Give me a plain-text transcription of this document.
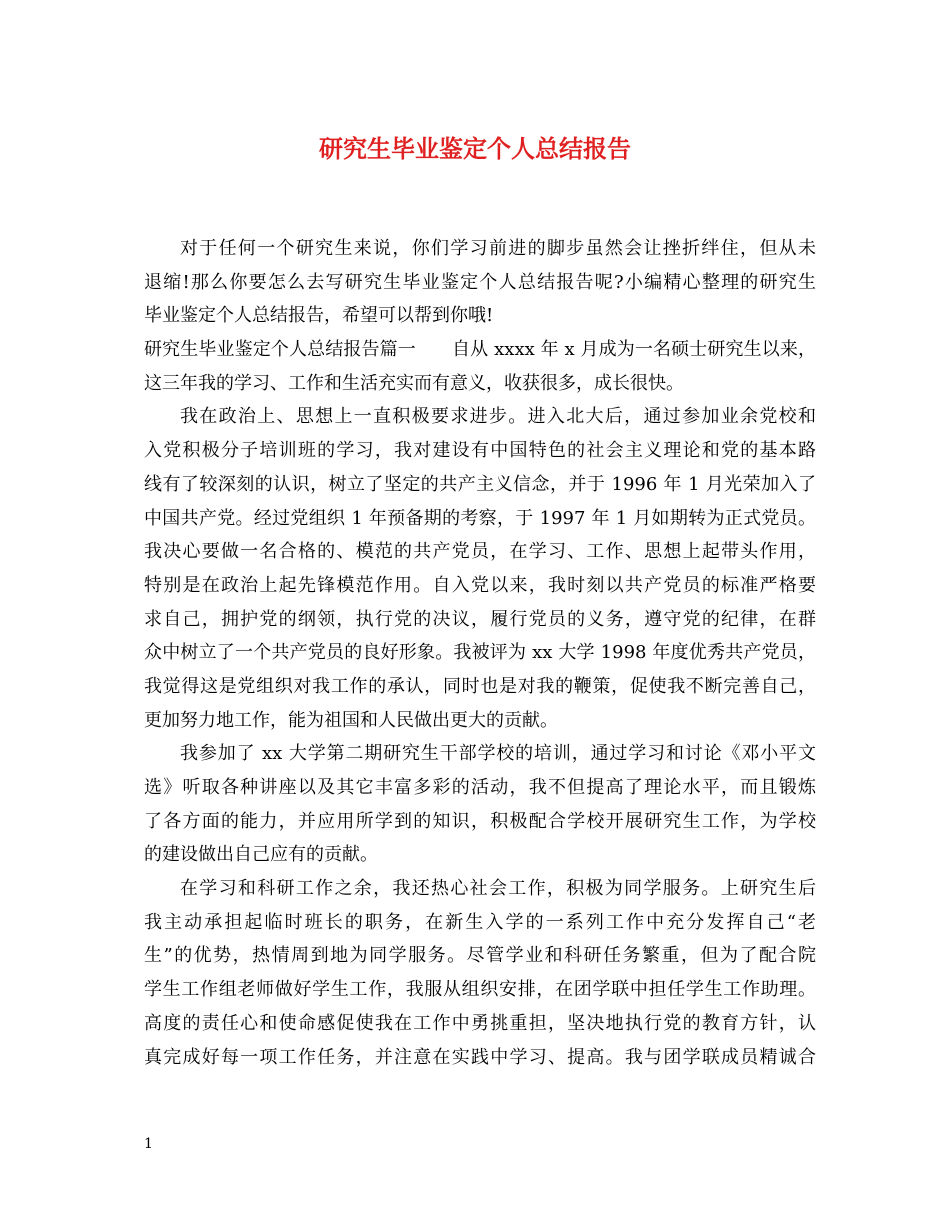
研究生毕业鉴定个人总结报告
对于任何一个研究生来说，你们学习前进的脚步虽然会让挫折绊住，但从未
退缩!那么你要怎么去写研究生毕业鉴定个人总结报告呢?小编精心整理的研究生
毕业鉴定个人总结报告，希望可以帮到你哦!
研究生毕业鉴定个人总结报告篇一　　自从 xxxx 年 x 月成为一名硕士研究生以来，
这三年我的学习、工作和生活充实而有意义，收获很多，成长很快。
我在政治上、思想上一直积极要求进步。进入北大后，通过参加业余党校和
入党积极分子培训班的学习，我对建设有中国特色的社会主义理论和党的基本路
线有了较深刻的认识，树立了坚定的共产主义信念，并于 1996 年 1 月光荣加入了
中国共产党。经过党组织 1 年预备期的考察，于 1997 年 1 月如期转为正式党员。
我决心要做一名合格的、模范的共产党员，在学习、工作、思想上起带头作用，
特别是在政治上起先锋模范作用。自入党以来，我时刻以共产党员的标准严格要
求自己，拥护党的纲领，执行党的决议，履行党员的义务，遵守党的纪律，在群
众中树立了一个共产党员的良好形象。我被评为 xx 大学 1998 年度优秀共产党员，
我觉得这是党组织对我工作的承认，同时也是对我的鞭策，促使我不断完善自己，
更加努力地工作，能为祖国和人民做出更大的贡献。
我参加了 xx 大学第二期研究生干部学校的培训，通过学习和讨论《邓小平文
选》听取各种讲座以及其它丰富多彩的活动，我不但提高了理论水平，而且锻炼
了各方面的能力，并应用所学到的知识，积极配合学校开展研究生工作，为学校
的建设做出自己应有的贡献。
在学习和科研工作之余，我还热心社会工作，积极为同学服务。上研究生后
我主动承担起临时班长的职务，在新生入学的一系列工作中充分发挥自己“老
生”的优势，热情周到地为同学服务。尽管学业和科研任务繁重，但为了配合院
学生工作组老师做好学生工作，我服从组织安排，在团学联中担任学生工作助理。
高度的责任心和使命感促使我在工作中勇挑重担，坚决地执行党的教育方针，认
真完成好每一项工作任务，并注意在实践中学习、提高。我与团学联成员精诚合
1
